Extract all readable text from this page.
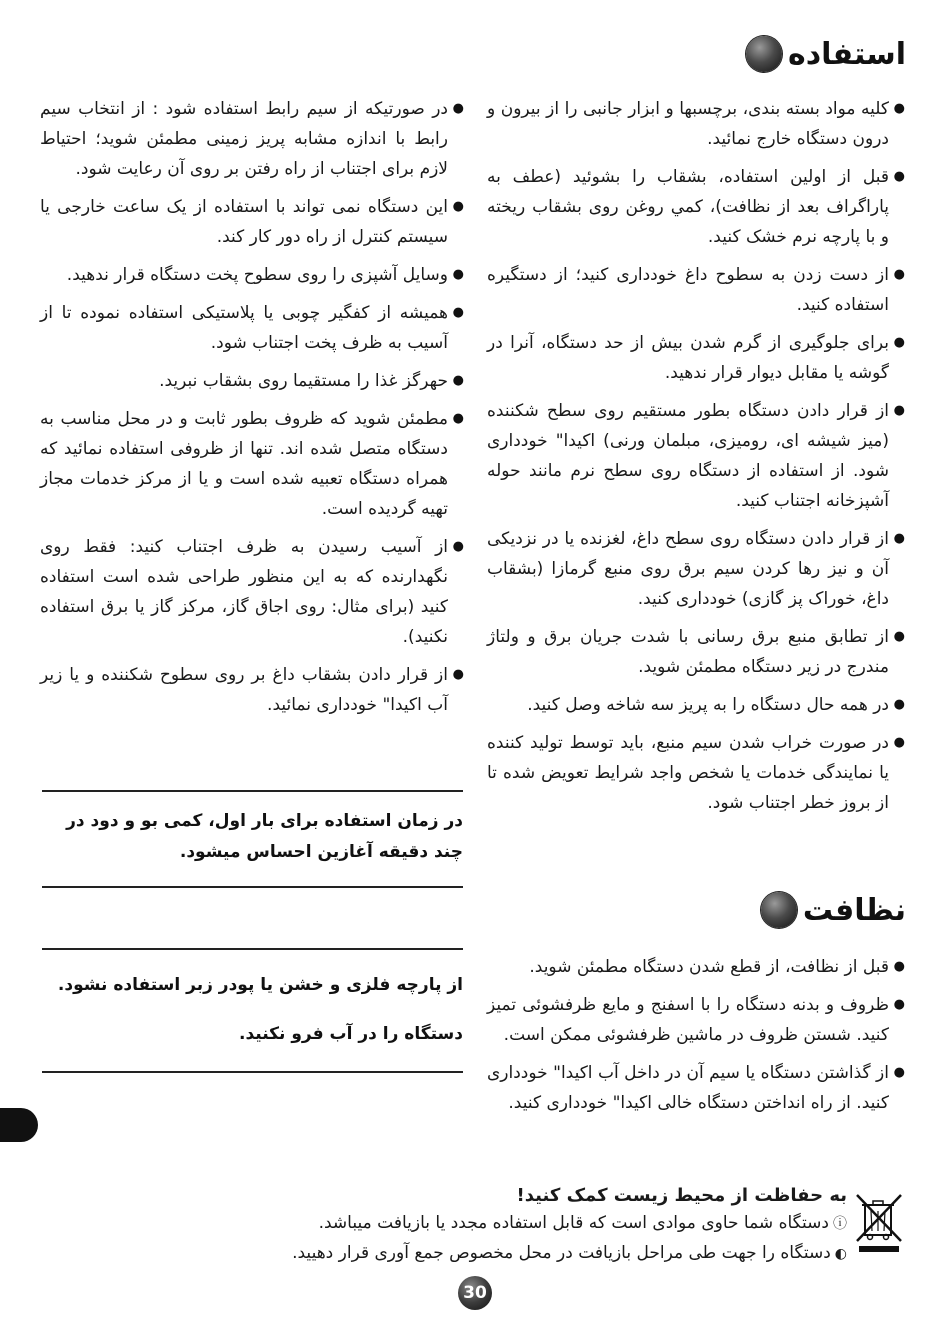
استفاده
● کلیه مواد بسته بندی، برچسبها و ابزار جانبی را از بیرون و درون دستگاه خارج نمائید.
● قبل از اولین استفاده، بشقاب را بشوئید (عطف به پاراگراف بعد از نظافت)، کمي روغن روی بشقاب ریخته و با پارچه نرم خشک کنید.
● از دست زدن به سطوح داغ خودداری کنید؛ از دستگیره استفاده کنید.
● برای جلوگیری از گرم شدن بیش از حد دستگاه، آنرا در گوشه یا مقابل دیوار قرار ندهید.
● از قرار دادن دستگاه بطور مستقیم روی سطح شکننده (میز شیشه ای، رومیزی، مبلمان ورنی) اکیدا" خودداری شود. از استفاده از دستگاه روی سطح نرم مانند حوله آشپزخانه اجتناب کنید.
● از قرار دادن دستگاه روی سطح داغ، لغزنده یا در نزدیکی آن و نیز رها کردن سیم برق روی منبع گرمازا (بشقاب داغ، خوراک پز گازی) خودداری کنید.
● از تطابق منبع برق رسانی با شدت جریان برق و ولتاژ مندرج در زیر دستگاه مطمئن شوید.
● در همه حال دستگاه را به پریز سه شاخه وصل کنید.
● در صورت خراب شدن سیم منبع، باید توسط تولید کننده یا نمایندگی خدمات یا شخص واجد شرایط تعویض شده تا از بروز خطر اجتناب شود.
● در صورتیکه از سیم رابط استفاده شود : از انتخاب سیم رابط با اندازه مشابه پریز زمینی مطمئن شوید؛ احتیاط لازم برای اجتناب از راه رفتن بر روی آن رعایت شود.
● این دستگاه نمی تواند با استفاده از یک ساعت خارجی یا سیستم کنترل از راه دور کار کند.
● وسایل آشپزی را روی سطوح پخت دستگاه قرار ندهید.
● همیشه از کفگیر چوبی یا پلاستیکی استفاده نموده تا از آسیب به ظرف پخت اجتناب شود.
● حهرگز غذا را مستقیما روی بشقاب نبرید.
● مطمئن شوید که ظروف بطور ثابت و در محل مناسب به دستگاه متصل شده اند. تنها از ظروفی استفاده نمائید که همراه دستگاه تعبیه شده است و یا از مرکز خدمات مجاز تهیه گردیده است.
● از آسیب رسیدن به ظرف اجتناب کنید: فقط روی نگهدارنده که به این منظور طراحی شده است استفاده کنید (برای مثال: روی اجاق گاز، مرکز گاز یا برق استفاده نکنید).
● از قرار دادن بشقاب داغ بر روی سطوح شکننده و یا زیر آب اکیدا" خودداری نمائید.
در زمان استفاده برای بار اول، کمی بو و دود در چند دقیقه آغازین احساس میشود.
نظافت
از پارچه فلزی و خشن یا پودر زبر استفاده نشود.
دستگاه را در آب فرو نکنید.
● قبل از نظافت، از قطع شدن دستگاه مطمئن شوید.
● ظروف و بدنه دستگاه را با اسفنج و مایع ظرفشوئی تمیز کنید. شستن ظروف در ماشین ظرفشوئی ممکن است.
● از گذاشتن دستگاه یا سیم آن در داخل آب اکیدا" خودداری کنید. از راه انداختن دستگاه خالی اکیدا" خودداری کنید.
به حفاظت از محیط زیست کمک کنید!
ⓘدستگاه شما حاوی موادی است که قابل استفاده مجدد یا بازیافت میباشد.
◐دستگاه را جهت طی مراحل بازیافت در محل مخصوص جمع آوری قرار دهیید.
30
